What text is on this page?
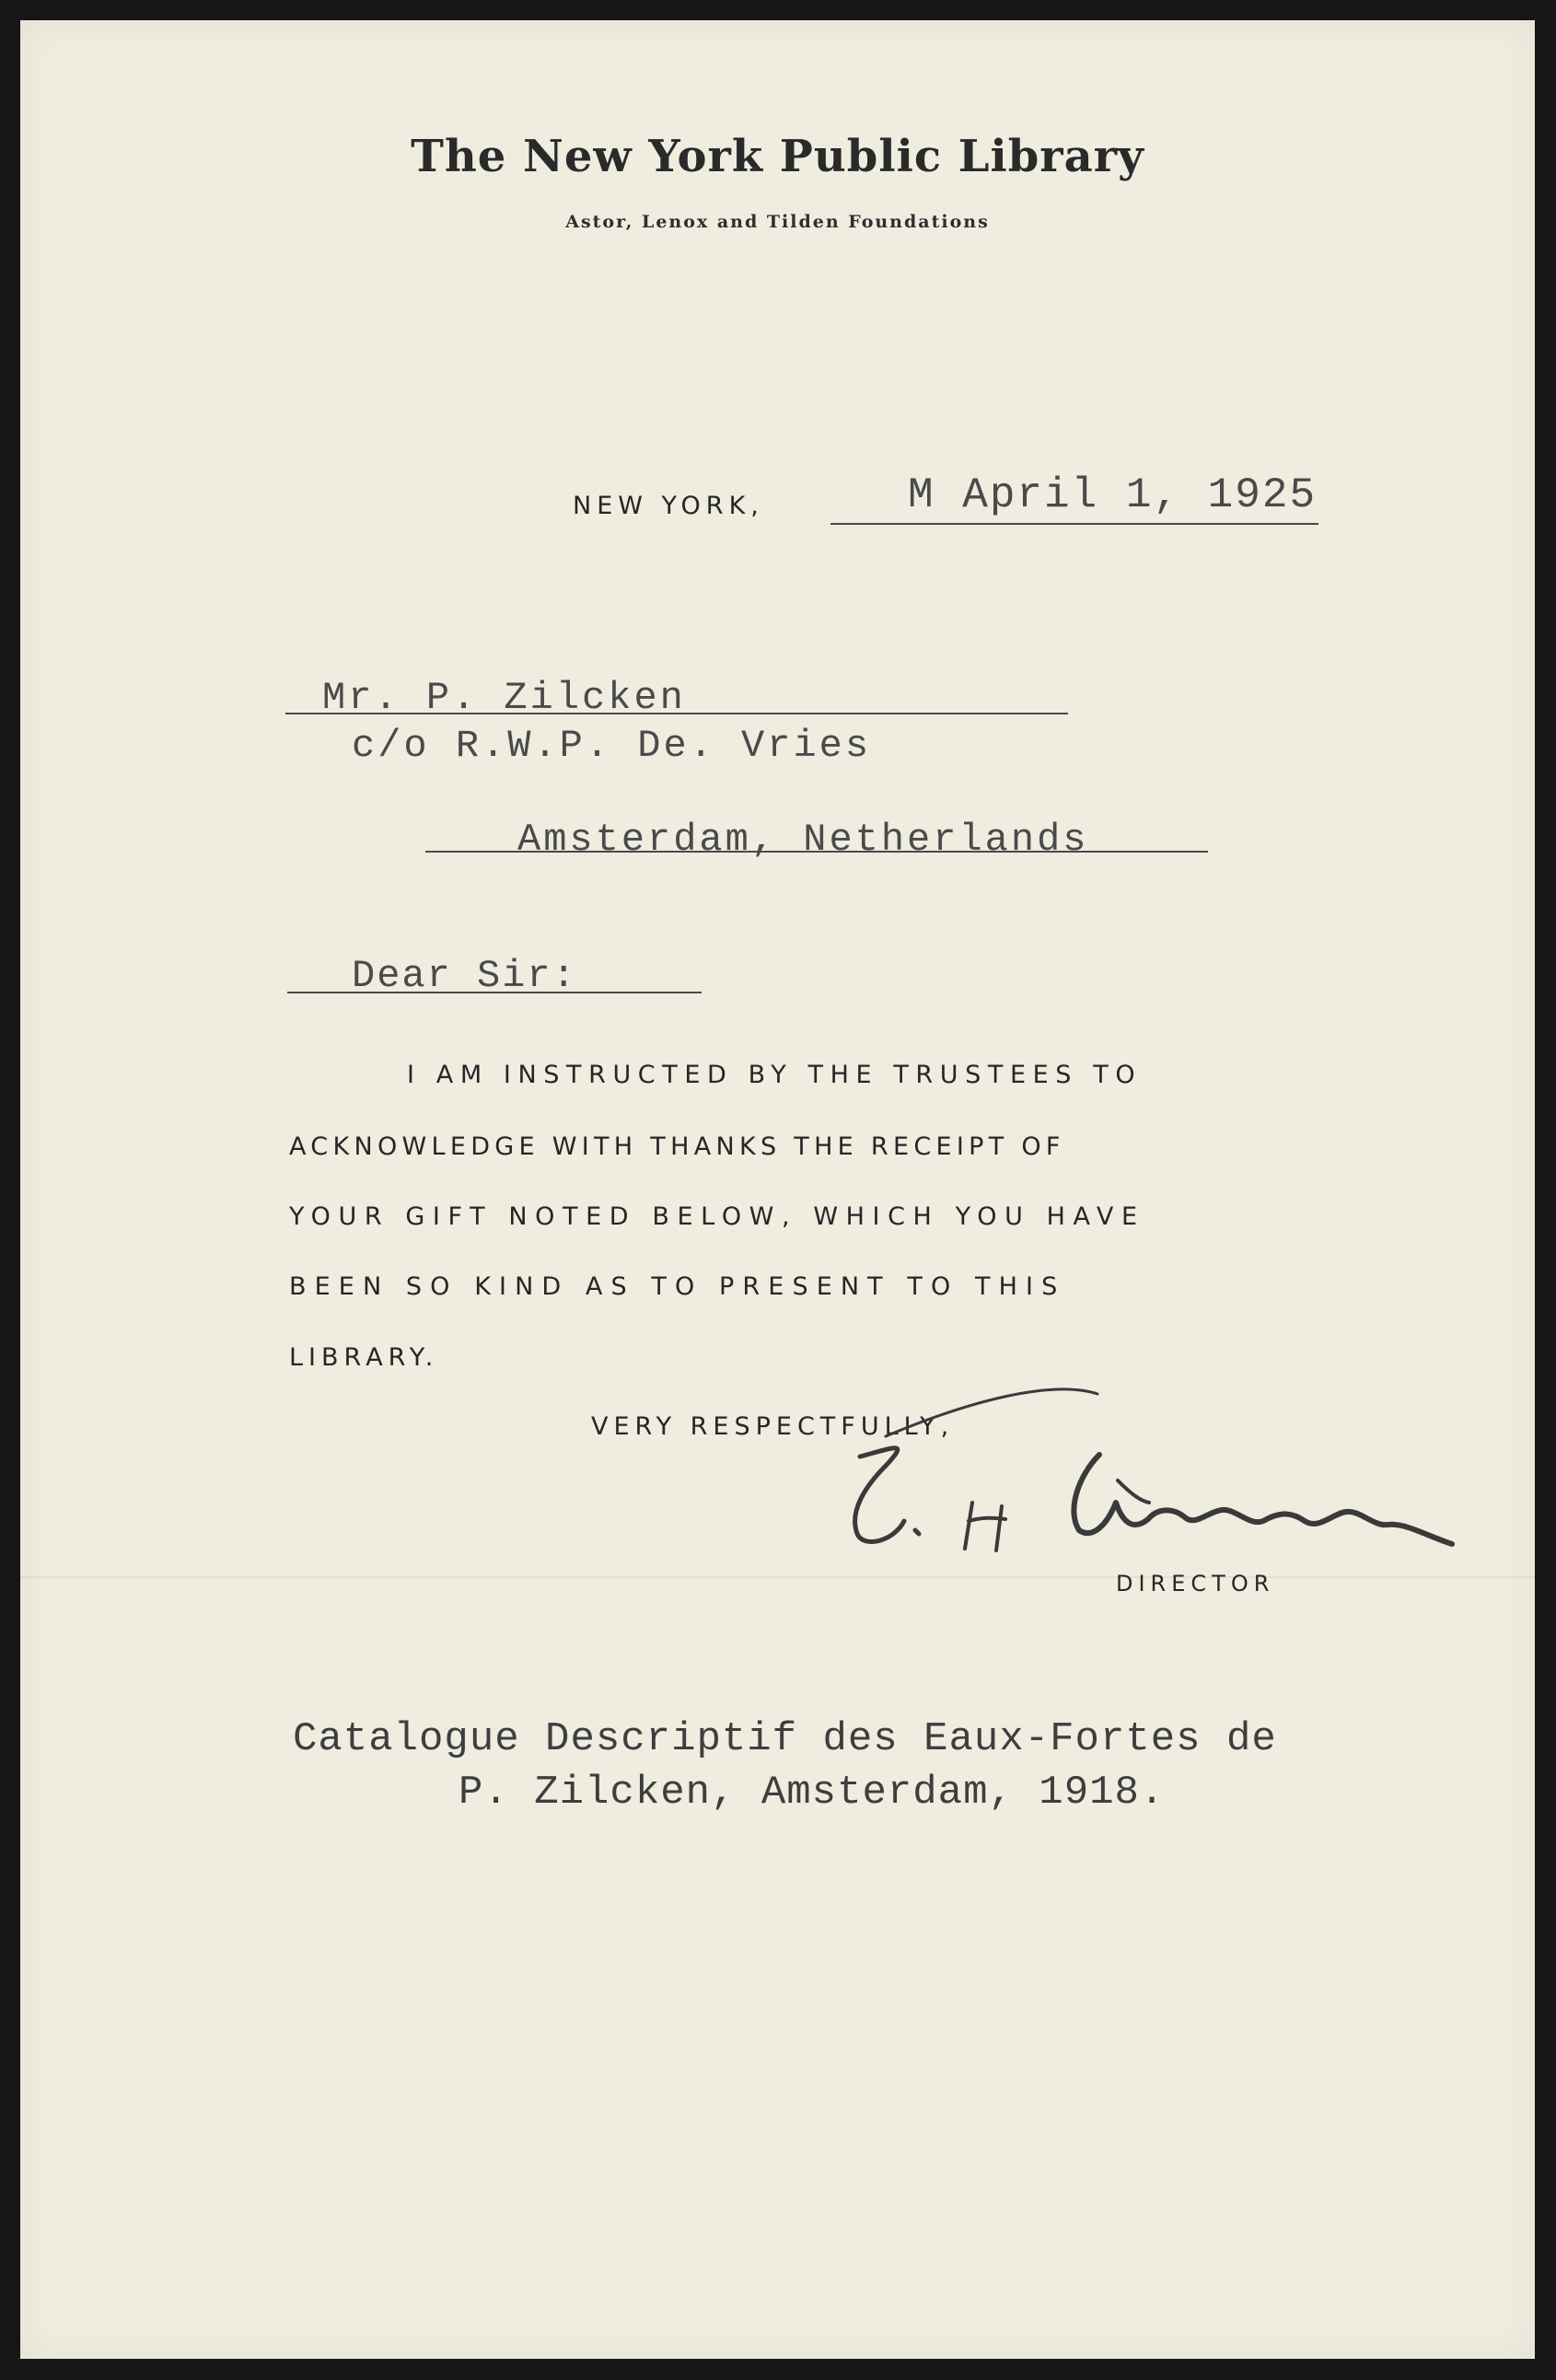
The New York Public Library
Astor, Lenox and Tilden Foundations
NEW YORK,	M April 1, 1925
Mr. P. Zilcken
c/o R.W.P. De. Vries
Amsterdam, Netherlands
Dear Sir:
I AM INSTRUCTED BY THE TRUSTEES TO
ACKNOWLEDGE WITH THANKS THE RECEIPT OF
YOUR GIFT NOTED BELOW, WHICH YOU HAVE
BEEN SO KIND AS TO PRESENT TO THIS
LIBRARY.
VERY RESPECTFULLY,
DIRECTOR
Catalogue Descriptif des Eaux-Fortes de
P. Zilcken, Amsterdam, 1918.
